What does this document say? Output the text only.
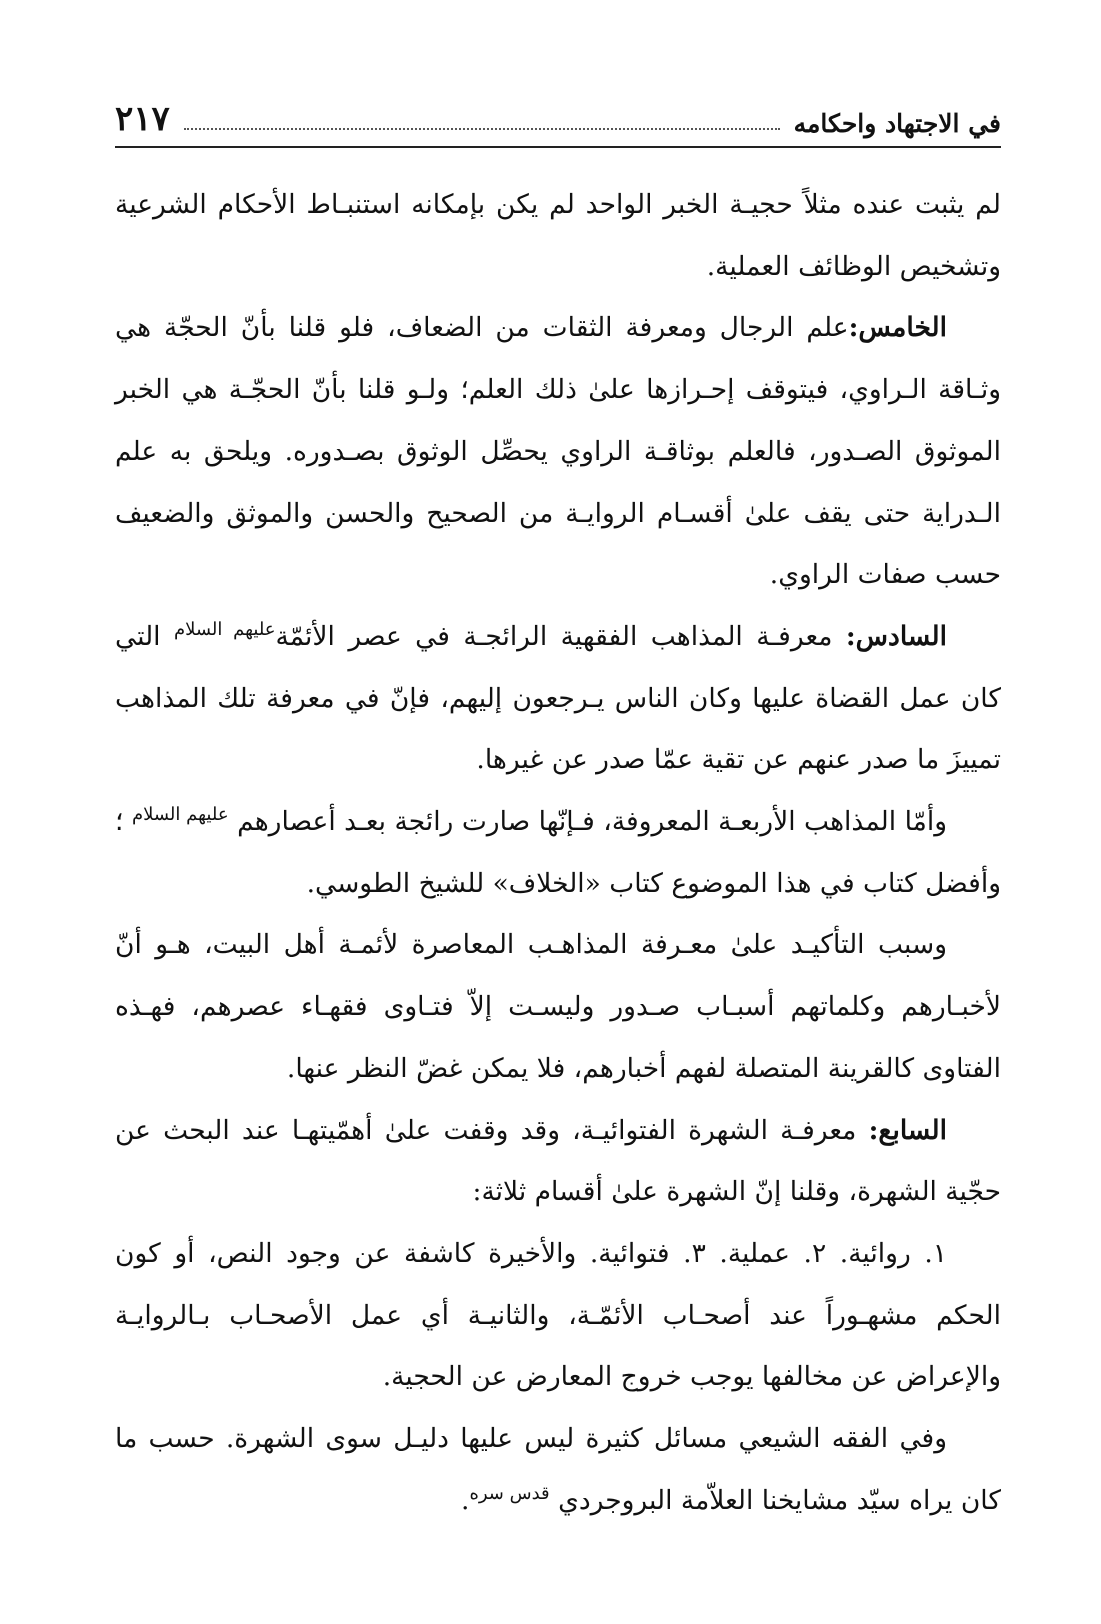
في الاجتهاد واحكامه
٢١٧

لم يثبت عنده مثلاً حجيـة الخبر الواحد لم يكن بإمكانه استنبـاط الأحكام الشرعية وتشخيص الوظائف العملية.

الخامس:علم الرجال ومعرفة الثقات من الضعاف، فلو قلنا بأنّ الحجّة هي وثـاقة الـراوي، فيتوقف إحـرازها علىٰ ذلك العلم؛ ولـو قلنا بأنّ الحجّـة هي الخبر الموثوق الصـدور، فالعلم بوثاقـة الراوي يحصِّل الوثوق بصـدوره. ويلحق به علم الـدراية حتى يقف علىٰ أقسـام الروايـة من الصحيح والحسن والموثق والضعيف حسب صفات الراوي.

السادس: معرفـة المذاهب الفقهية الرائجـة في عصر الأئمّة$^{عليهم السلام}$ التي كان عمل القضاة عليها وكان الناس يـرجعون إليهم، فإنّ في معرفة تلك المذاهب تمييزَ ما صدر عنهم عن تقية عمّا صدر عن غيرها.

وأمّا المذاهب الأربعـة المعروفة، فـإنّها صارت رائجة بعـد أعصارهم $^{عليهم السلام}$ ؛ وأفضل كتاب في هذا الموضوع كتاب «الخلاف» للشيخ الطوسي.

وسبب التأكيـد علىٰ معـرفة المذاهـب المعاصرة لأئمـة أهل البيت، هـو أنّ لأخبـارهم وكلماتهم أسبـاب صـدور وليسـت إلاّ فتـاوى فقهـاء عصرهم، فهـذه الفتاوى كالقرينة المتصلة لفهم أخبارهم، فلا يمكن غضّ النظر عنها.

السابع: معرفـة الشهرة الفتوائيـة، وقد وقفت علىٰ أهمّيتهـا عند البحث عن حجّية الشهرة، وقلنا إنّ الشهرة علىٰ أقسام ثلاثة:

١. روائية. ٢. عملية. ٣. فتوائية. والأخيرة كاشفة عن وجود النص، أو كون الحكم مشهـوراً عند أصحـاب الأئمّـة، والثانيـة أي عمل الأصحـاب بـالروايـة والإعراض عن مخالفها يوجب خروج المعارض عن الحجية.

وفي الفقه الشيعي مسائل كثيرة ليس عليها دليـل سوى الشهرة. حسب ما كان يراه سيّد مشايخنا العلاّمة البروجردي $^{قدس سره}$.
